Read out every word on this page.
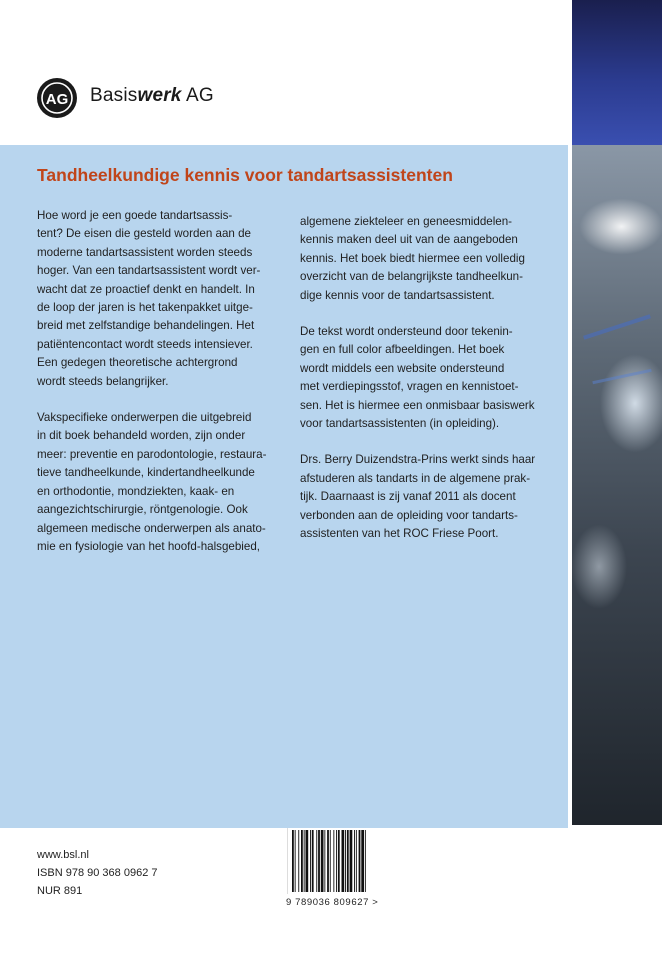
AG Basiswerk AG
Tandheelkundige kennis voor tandartsassistenten

Hoe word je een goede tandartsassis-
tent? De eisen die gesteld worden aan de
moderne tandartsassistent worden steeds
hoger. Van een tandartsassistent wordt ver-
wacht dat ze proactief denkt en handelt. In
de loop der jaren is het takenpakket uitge-
breid met zelfstandige behandelingen. Het
patiëntencontact wordt steeds intensiever.
Een gedegen theoretische achtergrond
wordt steeds belangrijker.

Vakspecifieke onderwerpen die uitgebreid
in dit boek behandeld worden, zijn onder
meer: preventie en parodontologie, restaura-
tieve tandheelkunde, kindertandheelkunde
en orthodontie, mondziekten, kaak- en
aangezichtschirurgie, röntgenologie. Ook
algemeen medische onderwerpen als anato-
mie en fysiologie van het hoofd-halsgebied,

algemene ziekteleer en geneesmiddelen-
kennis maken deel uit van de aangeboden
kennis. Het boek biedt hiermee een volledig
overzicht van de belangrijkste tandheelkun-
dige kennis voor de tandartsassistent.

De tekst wordt ondersteund door tekenin-
gen en full color afbeeldingen. Het boek
wordt middels een website ondersteund
met verdiepingsstof, vragen en kennistoet-
sen. Het is hiermee een onmisbaar basiswerk
voor tandartsassistenten (in opleiding).

Drs. Berry Duizendstra-Prins werkt sinds haar
afstuderen als tandarts in de algemene prak-
tijk. Daarnaast is zij vanaf 2011 als docent
verbonden aan de opleiding voor tandarts-
assistenten van het ROC Friese Poort.

www.bsl.nl
ISBN 978 90 368 0962 7
NUR 891
9 789036 809627 >
